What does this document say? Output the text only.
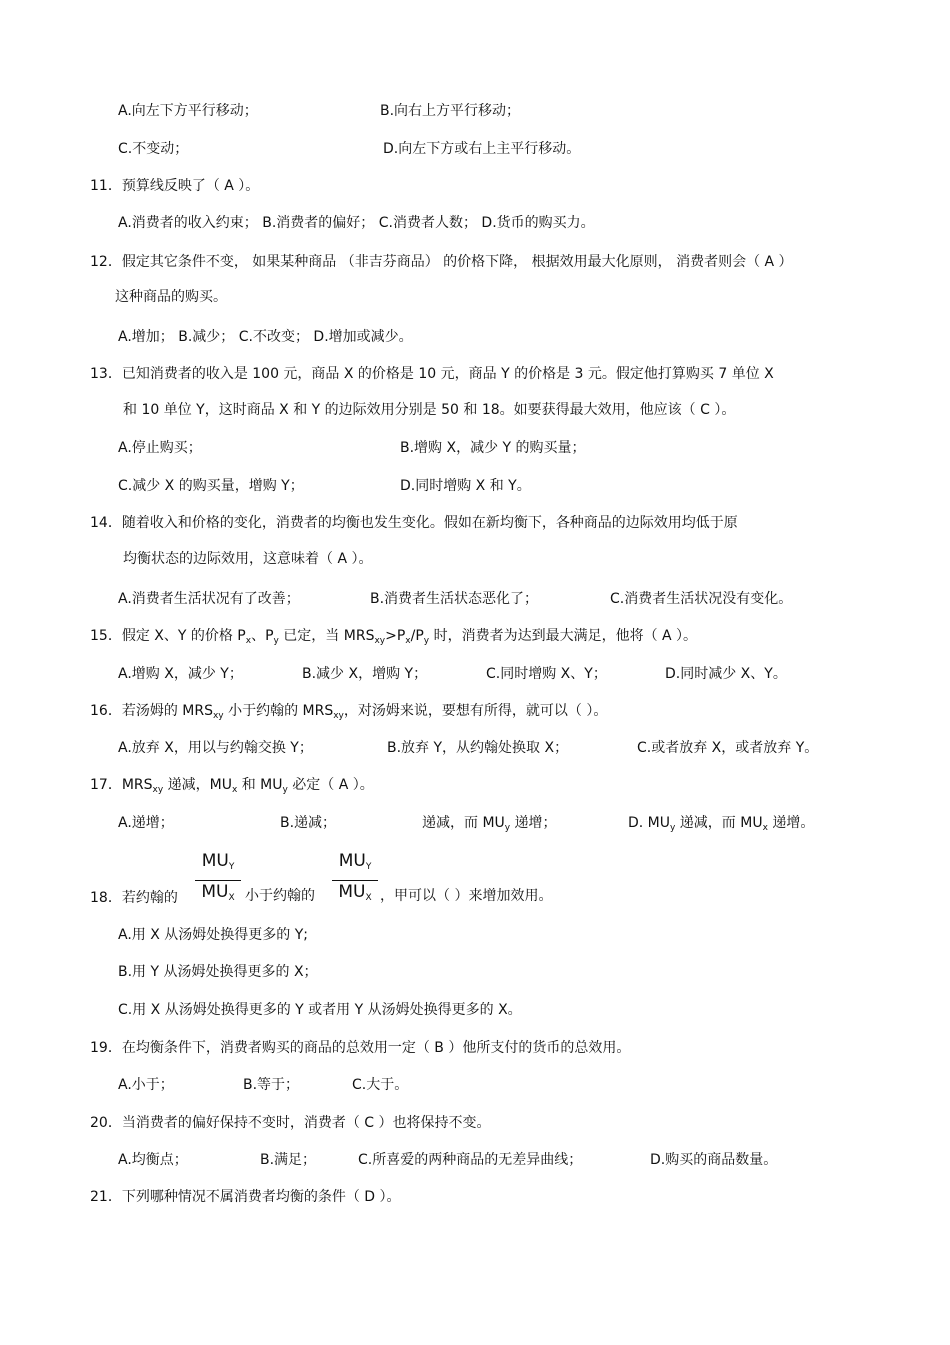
A.向左下方平行移动；	B.向右上方平行移动；
C.不变动；	D.向左下方或右上主平行移动。
11．预算线反映了（ A ）。
A.消费者的收入约束； B.消费者的偏好； C.消费者人数； D.货币的购买力。
12．假定其它条件不变， 如果某种商品 （非吉芬商品） 的价格下降， 根据效用最大化原则， 消费者则会（ A ）
这种商品的购买。
A.增加； B.减少； C.不改变； D.增加或减少。
13．已知消费者的收入是 100 元，商品 X 的价格是 10 元，商品 Y 的价格是 3 元。假定他打算购买 7 单位 X
和 10 单位 Y，这时商品 X 和 Y 的边际效用分别是 50 和 18。如要获得最大效用，他应该（ C ）。
A.停止购买；	B.增购 X，减少 Y 的购买量；
C.减少 X 的购买量，增购 Y；	D.同时增购 X 和 Y。
14．随着收入和价格的变化，消费者的均衡也发生变化。假如在新均衡下，各种商品的边际效用均低于原
均衡状态的边际效用，这意味着（ A ）。
A.消费者生活状况有了改善；	B.消费者生活状态恶化了；	C.消费者生活状况没有变化。
15．假定 X、Y 的价格 $P_x$、$P_y$ 已定，当 $MRS_{xy}>P_x/P_y$ 时，消费者为达到最大满足，他将（ A ）。
A.增购 X，减少 Y；	B.减少 X，增购 Y；	C.同时增购 X、Y；	D.同时减少 X、Y。
16．若汤姆的 $MRS_{xy}$ 小于约翰的 $MRS_{xy}$，对汤姆来说，要想有所得，就可以（ ）。
A.放弃 X，用以与约翰交换 Y；	B.放弃 Y，从约翰处换取 X；	C.或者放弃 X，或者放弃 Y。
17．$MRS_{xy}$ 递减，$MU_x$ 和 $MU_y$ 必定（ A ）。
A.递增；	B.递减；	递减，而 $MU_y$ 递增；	D. $MU_y$ 递减，而 $MU_x$ 递增。
18．若约翰的
$MU_Y$
$MU_X$ 小于约翰的
$MU_Y$
$MU_X$ ，甲可以（ ）来增加效用。
A.用 X 从汤姆处换得更多的 Y;
B.用 Y 从汤姆处换得更多的 X；
C.用 X 从汤姆处换得更多的 Y 或者用 Y 从汤姆处换得更多的 X。
19．在均衡条件下，消费者购买的商品的总效用一定（ B ）他所支付的货币的总效用。
A.小于；	B.等于；	C.大于。
20．当消费者的偏好保持不变时，消费者（ C ）也将保持不变。
A.均衡点；	B.满足；	C.所喜爱的两种商品的无差异曲线；	D.购买的商品数量。
21．下列哪种情况不属消费者均衡的条件（ D ）。
